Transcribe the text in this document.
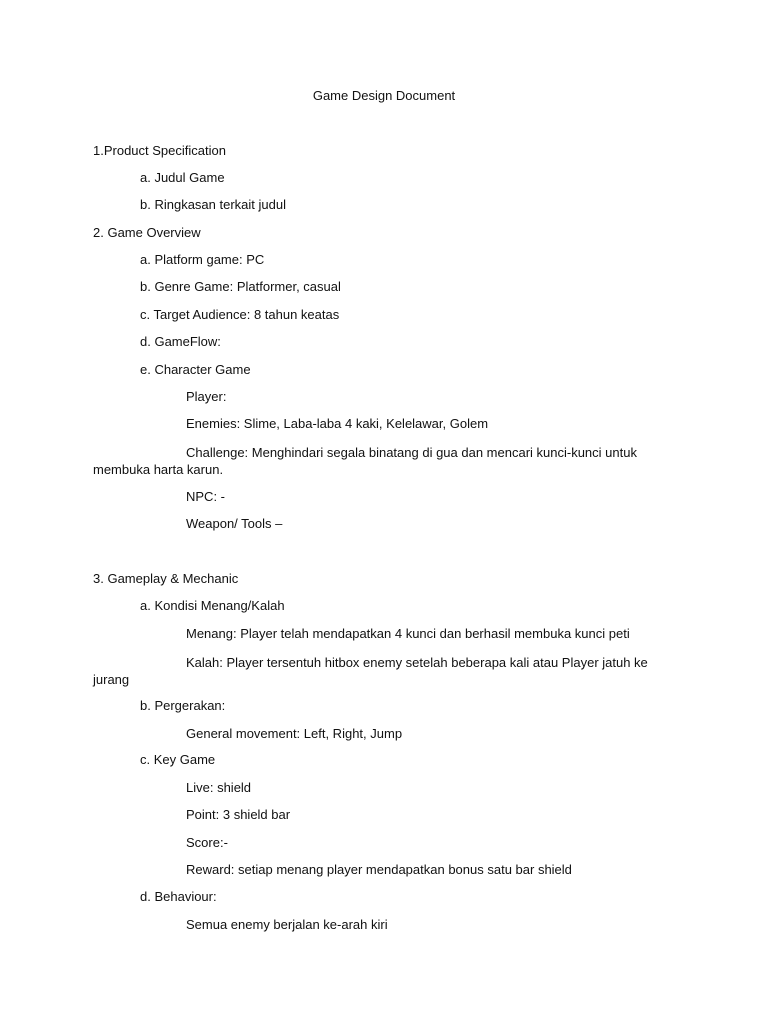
Game Design Document
1.Product Specification
a. Judul Game
b. Ringkasan terkait judul
2. Game Overview
a. Platform game: PC
b. Genre Game: Platformer, casual
c. Target Audience: 8 tahun keatas
d. GameFlow:
e. Character Game
Player:
Enemies: Slime, Laba-laba 4 kaki, Kelelawar, Golem
Challenge: Menghindari segala binatang di gua dan mencari kunci-kunci untuk membuka harta karun.
NPC: -
Weapon/ Tools –
3. Gameplay & Mechanic
a. Kondisi Menang/Kalah
Menang: Player telah mendapatkan 4 kunci dan berhasil membuka kunci peti
Kalah: Player tersentuh hitbox enemy setelah beberapa kali atau Player jatuh ke jurang
b. Pergerakan:
General movement: Left, Right, Jump
c. Key Game
Live: shield
Point: 3 shield bar
Score:-
Reward: setiap menang player mendapatkan bonus satu bar shield
d. Behaviour:
Semua enemy berjalan ke-arah kiri
